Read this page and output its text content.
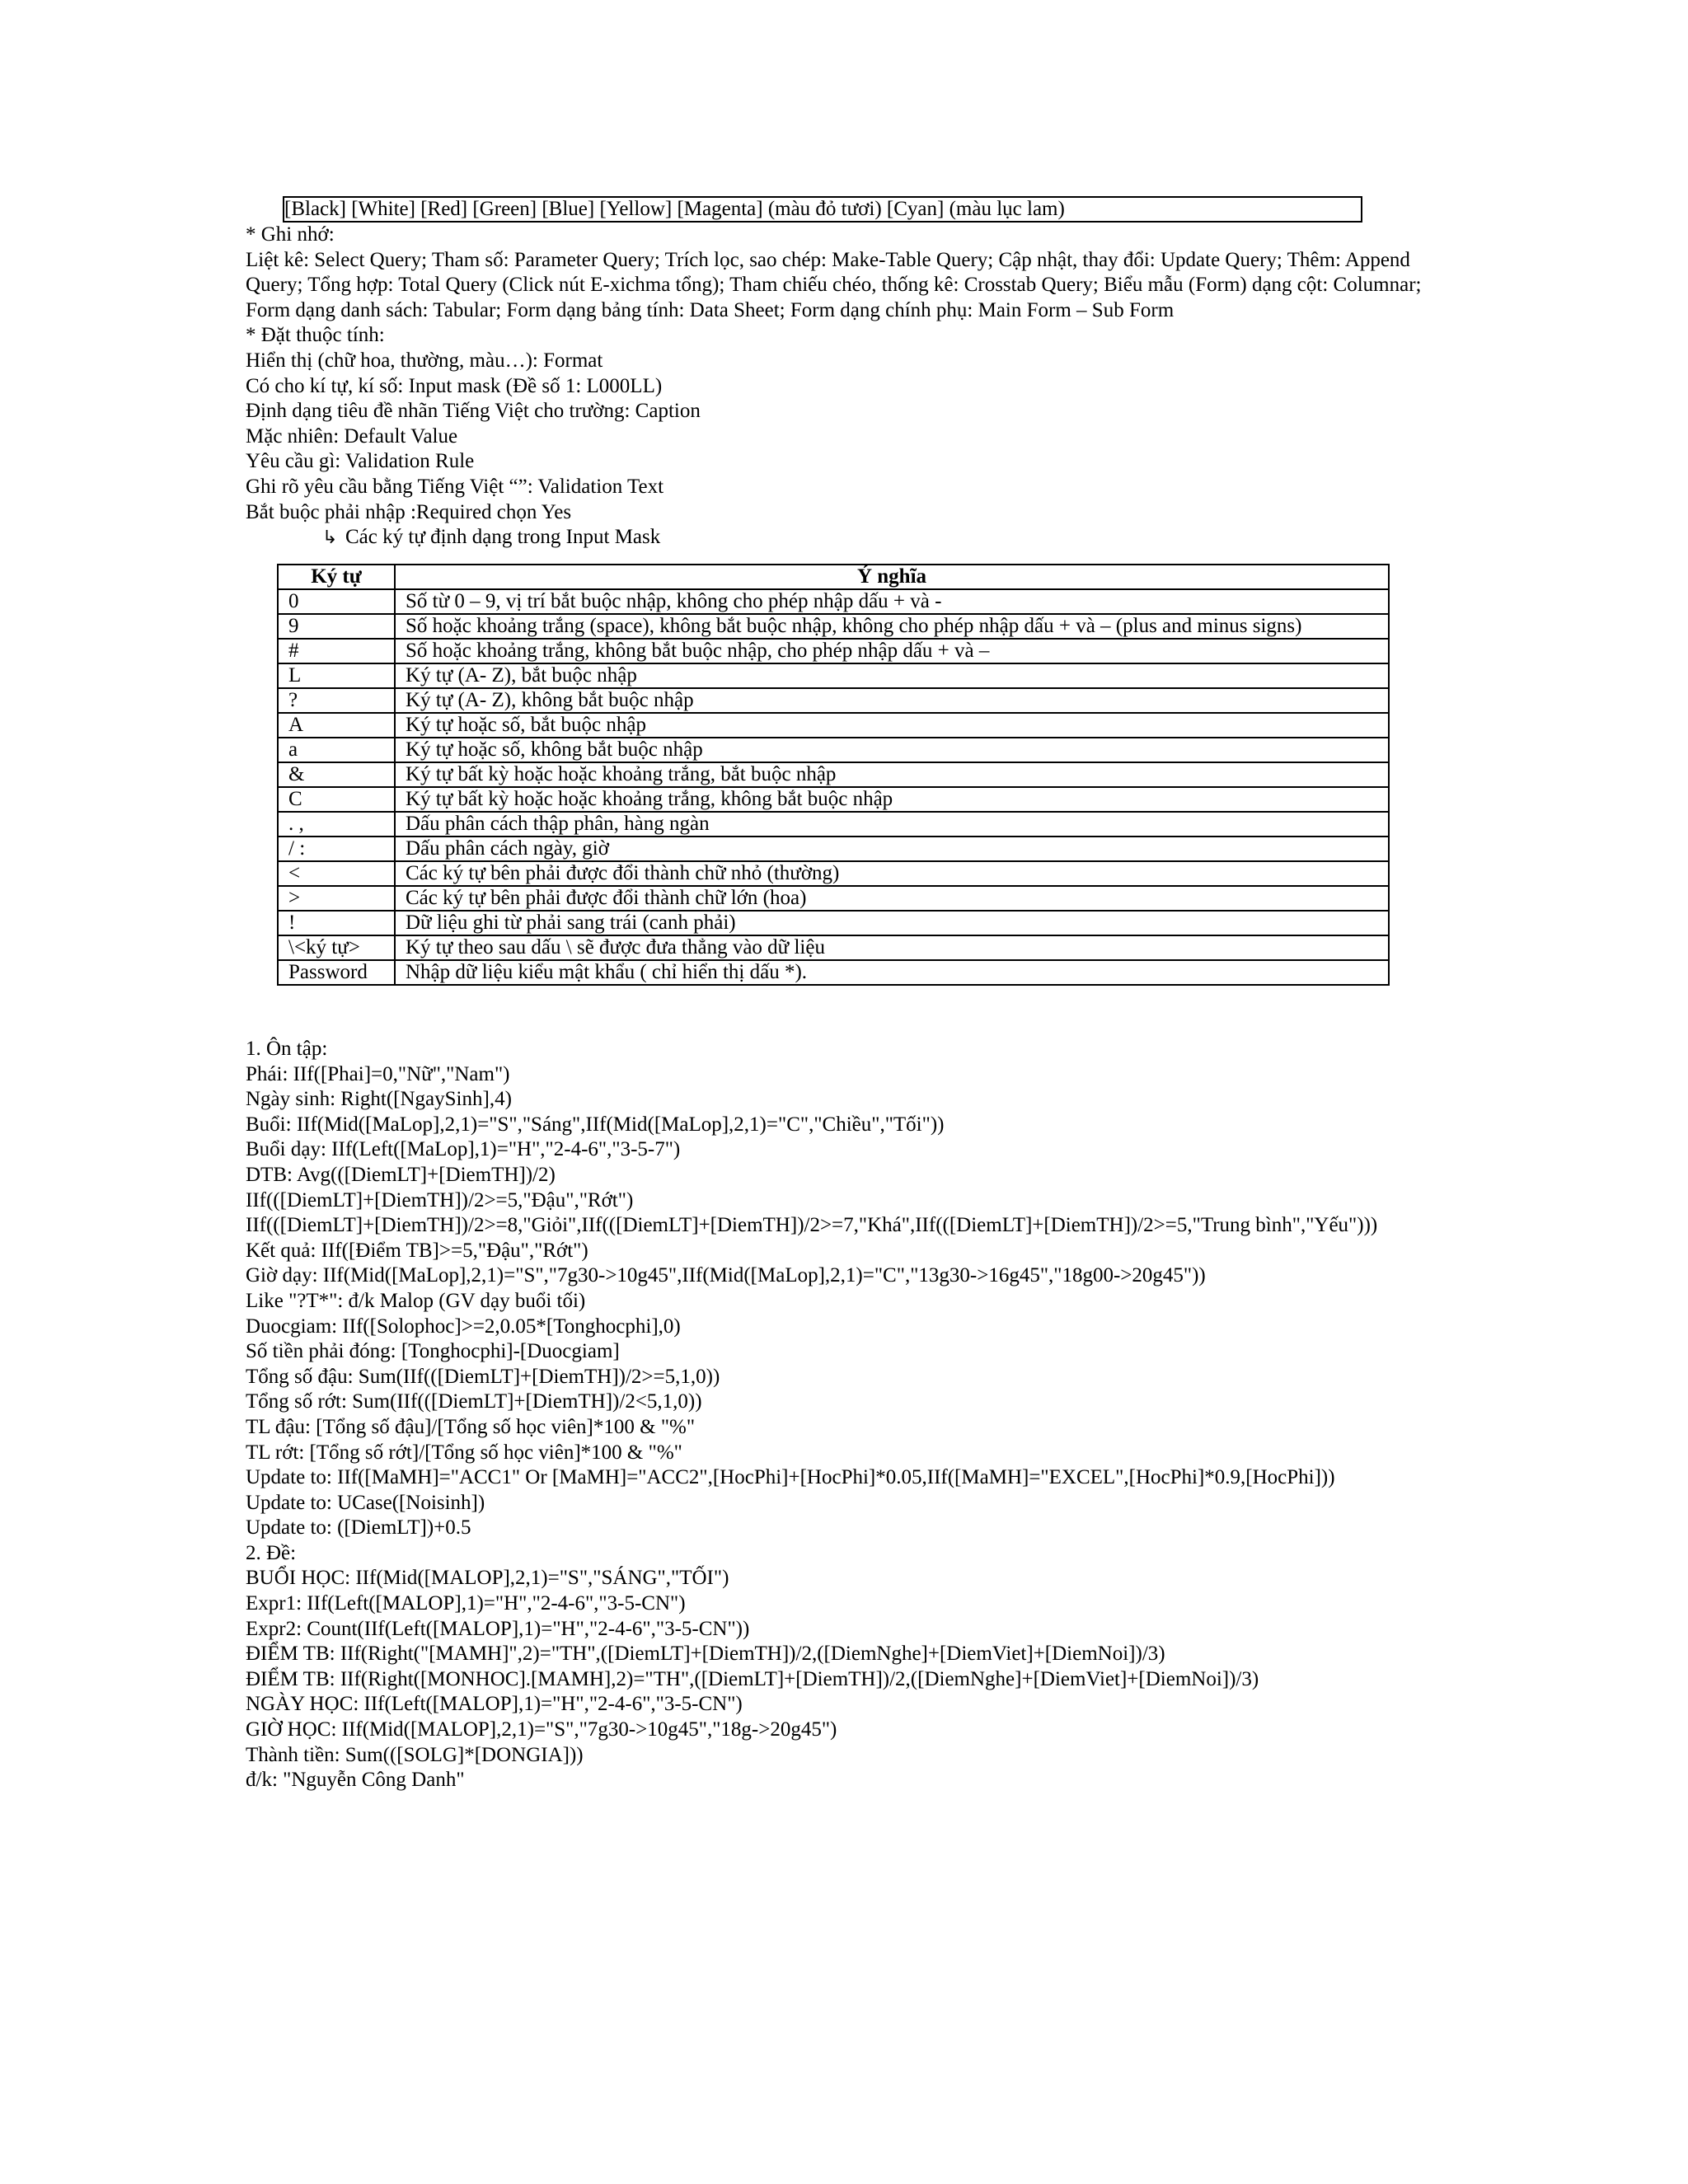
[Black] [White] [Red] [Green] [Blue] [Yellow] [Magenta] (màu đỏ tươi) [Cyan] (màu lục lam)
* Ghi nhớ:
Liệt kê: Select Query; Tham số: Parameter Query; Trích lọc, sao chép: Make-Table Query; Cập nhật, thay đổi: Update Query; Thêm: Append Query; Tổng hợp: Total Query (Click nút E-xichma tổng); Tham chiếu chéo, thống kê: Crosstab Query; Biểu mẫu (Form) dạng cột: Columnar; Form dạng danh sách: Tabular; Form dạng bảng tính: Data Sheet; Form dạng chính phụ: Main Form – Sub Form
* Đặt thuộc tính:
Hiển thị (chữ hoa, thường, màu…): Format
Có cho kí tự, kí số: Input mask (Đề số 1: L000LL)
Định dạng tiêu đề nhãn Tiếng Việt cho trường: Caption
Mặc nhiên: Default Value
Yêu cầu gì: Validation Rule
Ghi rõ yêu cầu bằng Tiếng Việt “”: Validation Text
Bắt buộc phải nhập :Required chọn Yes
↳ Các ký tự định dạng trong Input Mask
Ký tự	Ý nghĩa
0	Số từ 0 – 9, vị trí bắt buộc nhập, không cho phép nhập dấu + và -
9	Số hoặc khoảng trắng (space), không bắt buộc nhập, không cho phép nhập dấu + và – (plus and minus signs)
#	Số hoặc khoảng trắng, không bắt buộc nhập, cho phép nhập dấu + và –
L	Ký tự (A- Z), bắt buộc nhập
?	Ký tự (A- Z), không bắt buộc nhập
A	Ký tự hoặc số, bắt buộc nhập
a	Ký tự hoặc số, không bắt buộc nhập
&	Ký tự bất kỳ hoặc hoặc khoảng trắng, bắt buộc nhập
C	Ký tự bất kỳ hoặc hoặc khoảng trắng, không bắt buộc nhập
. ,	Dấu phân cách thập phân, hàng ngàn
/ :	Dấu phân cách ngày, giờ
<	Các ký tự bên phải được đổi thành chữ nhỏ (thường)
>	Các ký tự bên phải được đổi thành chữ lớn (hoa)
!	Dữ liệu ghi từ phải sang trái (canh phải)
\<ký tự>	Ký tự theo sau dấu \ sẽ được đưa thẳng vào dữ liệu
Password	Nhập dữ liệu kiểu mật khẩu ( chỉ hiển thị dấu *).
1. Ôn tập:
Phái: IIf([Phai]=0,"Nữ","Nam")
Ngày sinh: Right([NgaySinh],4)
Buổi: IIf(Mid([MaLop],2,1)="S","Sáng",IIf(Mid([MaLop],2,1)="C","Chiều","Tối"))
Buổi dạy: IIf(Left([MaLop],1)="H","2-4-6","3-5-7")
DTB: Avg(([DiemLT]+[DiemTH])/2)
IIf(([DiemLT]+[DiemTH])/2>=5,"Đậu","Rớt")
IIf(([DiemLT]+[DiemTH])/2>=8,"Giỏi",IIf(([DiemLT]+[DiemTH])/2>=7,"Khá",IIf(([DiemLT]+[DiemTH])/2>=5,"Trung bình","Yếu")))
Kết quả: IIf([Điểm TB]>=5,"Đậu","Rớt")
Giờ dạy: IIf(Mid([MaLop],2,1)="S","7g30->10g45",IIf(Mid([MaLop],2,1)="C","13g30->16g45","18g00->20g45"))
Like "?T*": đ/k Malop (GV dạy buổi tối)
Duocgiam: IIf([Solophoc]>=2,0.05*[Tonghocphi],0)
Số tiền phải đóng: [Tonghocphi]-[Duocgiam]
Tổng số đậu: Sum(IIf(([DiemLT]+[DiemTH])/2>=5,1,0))
Tổng số rớt: Sum(IIf(([DiemLT]+[DiemTH])/2<5,1,0))
TL đậu: [Tổng số đậu]/[Tổng số học viên]*100 & "%"
TL rớt: [Tổng số rớt]/[Tổng số học viên]*100 & "%"
Update to: IIf([MaMH]="ACC1" Or [MaMH]="ACC2",[HocPhi]+[HocPhi]*0.05,IIf([MaMH]="EXCEL",[HocPhi]*0.9,[HocPhi]))
Update to: UCase([Noisinh])
Update to: ([DiemLT])+0.5
2. Đề:
BUỔI HỌC: IIf(Mid([MALOP],2,1)="S","SÁNG","TỐI")
Expr1: IIf(Left([MALOP],1)="H","2-4-6","3-5-CN")
Expr2: Count(IIf(Left([MALOP],1)="H","2-4-6","3-5-CN"))
ĐIỂM TB: IIf(Right("[MAMH]",2)="TH",([DiemLT]+[DiemTH])/2,([DiemNghe]+[DiemViet]+[DiemNoi])/3)
ĐIỂM TB: IIf(Right([MONHOC].[MAMH],2)="TH",([DiemLT]+[DiemTH])/2,([DiemNghe]+[DiemViet]+[DiemNoi])/3)
NGÀY HỌC: IIf(Left([MALOP],1)="H","2-4-6","3-5-CN")
GIỜ HỌC: IIf(Mid([MALOP],2,1)="S","7g30->10g45","18g->20g45")
Thành tiền: Sum(([SOLG]*[DONGIA]))
đ/k: "Nguyễn Công Danh"
